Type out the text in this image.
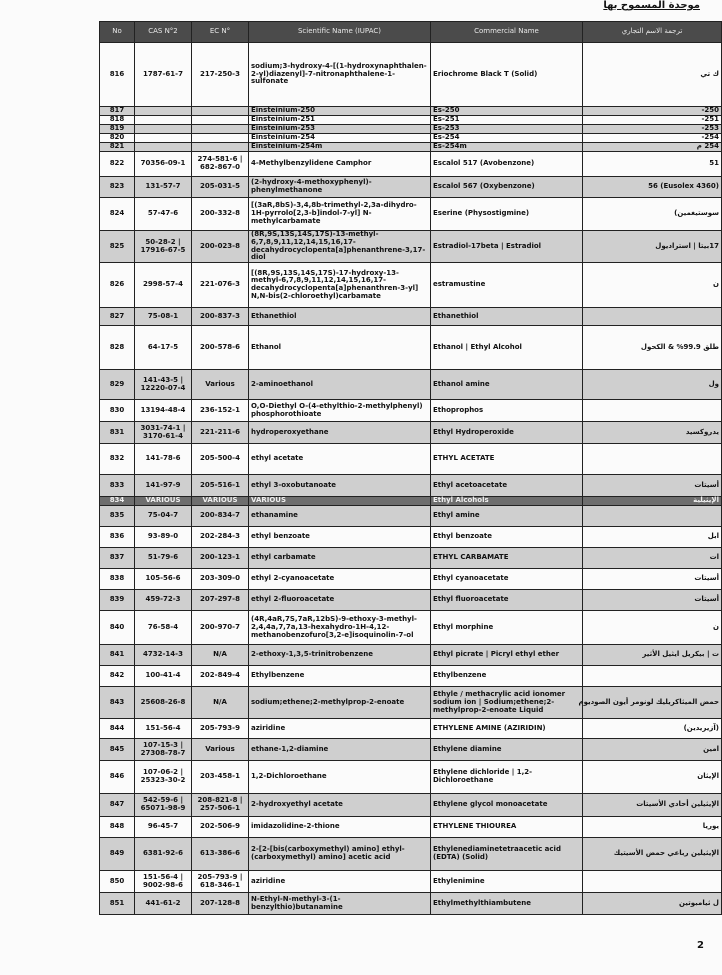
موحدة المسموح بها
No	CAS N°2	EC N°	Scientific Name (IUPAC)	Commercial Name	ترجمة الاسم التجاري
816	1787-61-7	217-250-3	sodium;3-hydroxy-4-[(1-hydroxynaphthalen-2-yl)diazenyl]-7-nitronaphthalene-1-sulfonate	Eriochrome Black T (Solid)	ك تي
817			Einsteinium-250	Es-250	250-
818			Einsteinium-251	Es-251	251-
819			Einsteinium-253	Es-253	253-
820			Einsteinium-254	Es-254	254-
821			Einsteinium-254m	Es-254m	254 م
822	70356-09-1	274-581-6 | 682-867-0	4-Methylbenzylidene Camphor	Escalol 517 (Avobenzone)	51
823	131-57-7	205-031-5	(2-hydroxy-4-methoxyphenyl)-phenylmethanone	Escalol 567 (Oxybenzone)	(Eusolex 4360) 56
824	57-47-6	200-332-8	[(3aR,8bS)-3,4,8b-trimethyl-2,3a-dihydro-1H-pyrrolo[2,3-b]indol-7-yl] N-methylcarbamate	Eserine (Physostigmine)	سوستيغمين)
825	50-28-2 | 17916-67-5	200-023-8	(8R,9S,13S,14S,17S)-13-methyl-6,7,8,9,11,12,14,15,16,17-decahydrocyclopenta[a]phenanthrene-3,17-diol	Estradiol-17beta | Estradiol	17بيتا | استراديول
826	2998-57-4	221-076-3	[(8R,9S,13S,14S,17S)-17-hydroxy-13-methyl-6,7,8,9,11,12,14,15,16,17-decahydrocyclopenta[a]phenanthren-3-yl] N,N-bis(2-chloroethyl)carbamate	estramustine	ن
827	75-08-1	200-837-3	Ethanethiol	Ethanethiol	
828	64-17-5	200-578-6	Ethanol	Ethanol | Ethyl Alcohol	طلق 99.9% & الكحول
829	141-43-5 | 12220-07-4	Various	2-aminoethanol	Ethanol amine	ول
830	13194-48-4	236-152-1	O,O-Diethyl O-(4-ethylthio-2-methylphenyl) phosphorothioate	Ethoprophos	
831	3031-74-1 | 3170-61-4	221-211-6	hydroperoxyethane	Ethyl Hydroperoxide	يدروكسيد
832	141-78-6	205-500-4	ethyl acetate	ETHYL ACETATE	
833	141-97-9	205-516-1	ethyl 3-oxobutanoate	Ethyl acetoacetate	أسيتات
834	VARIOUS	VARIOUS	VARIOUS	Ethyl Alcohols	الإيثيلية
835	75-04-7	200-834-7	ethanamine	Ethyl amine	
836	93-89-0	202-284-3	ethyl benzoate	Ethyl benzoate	ابل
837	51-79-6	200-123-1	ethyl carbamate	ETHYL CARBAMATE	ات
838	105-56-6	203-309-0	ethyl 2-cyanoacetate	Ethyl cyanoacetate	أسيتات
839	459-72-3	207-297-8	ethyl 2-fluoroacetate	Ethyl fluoroacetate	أسيتات
840	76-58-4	200-970-7	(4R,4aR,7S,7aR,12bS)-9-ethoxy-3-methyl-2,4,4a,7,7a,13-hexahydro-1H-4,12-methanobenzofuro[3,2-e]isoquinolin-7-ol	Ethyl morphine	ن
841	4732-14-3	N/A	2-ethoxy-1,3,5-trinitrobenzene	Ethyl picrate | Picryl ethyl ether	ت | بيكريل ايثيل الأثير
842	100-41-4	202-849-4	Ethylbenzene	Ethylbenzene	
843	25608-26-8	N/A	sodium;ethene;2-methylprop-2-enoate	Ethyle / methacrylic acid ionomer sodium ion | Sodium;ethene;2-methylprop-2-enoate Liquid	حمض الميثاكريليك لونومر أيون الصوديوم
844	151-56-4	205-793-9	aziridine	ETHYLENE AMINE (AZIRIDIN)	(آزيريدين)
845	107-15-3 | 27308-78-7	Various	ethane-1,2-diamine	Ethylene diamine	امين
846	107-06-2 | 25323-30-2	203-458-1	1,2-Dichloroethane	Ethylene dichloride | 1,2-Dichloroethane	الإيثان
847	542-59-6 | 65071-98-9	208-821-8 | 257-506-1	2-hydroxyethyl acetate	Ethylene glycol monoacetate	الإيثيلين أحادي الأسيتات
848	96-45-7	202-506-9	imidazolidine-2-thione	ETHYLENE THIOUREA	يوريا
849	6381-92-6	613-386-6	2-[2-[bis(carboxymethyl) amino] ethyl-(carboxymethyl) amino] acetic acid	Ethylenediaminetetraacetic acid (EDTA) (Solid)	الإيثيلين رباعي حمض الأسيتيك
850	151-56-4 | 9002-98-6	205-793-9 | 618-346-1	aziridine	Ethylenimine	
851	441-61-2	207-128-8	N-Ethyl-N-methyl-3-(1-benzylthio)butanamine	Ethylmethylthiambutene	ل ثيامبوتين
2
